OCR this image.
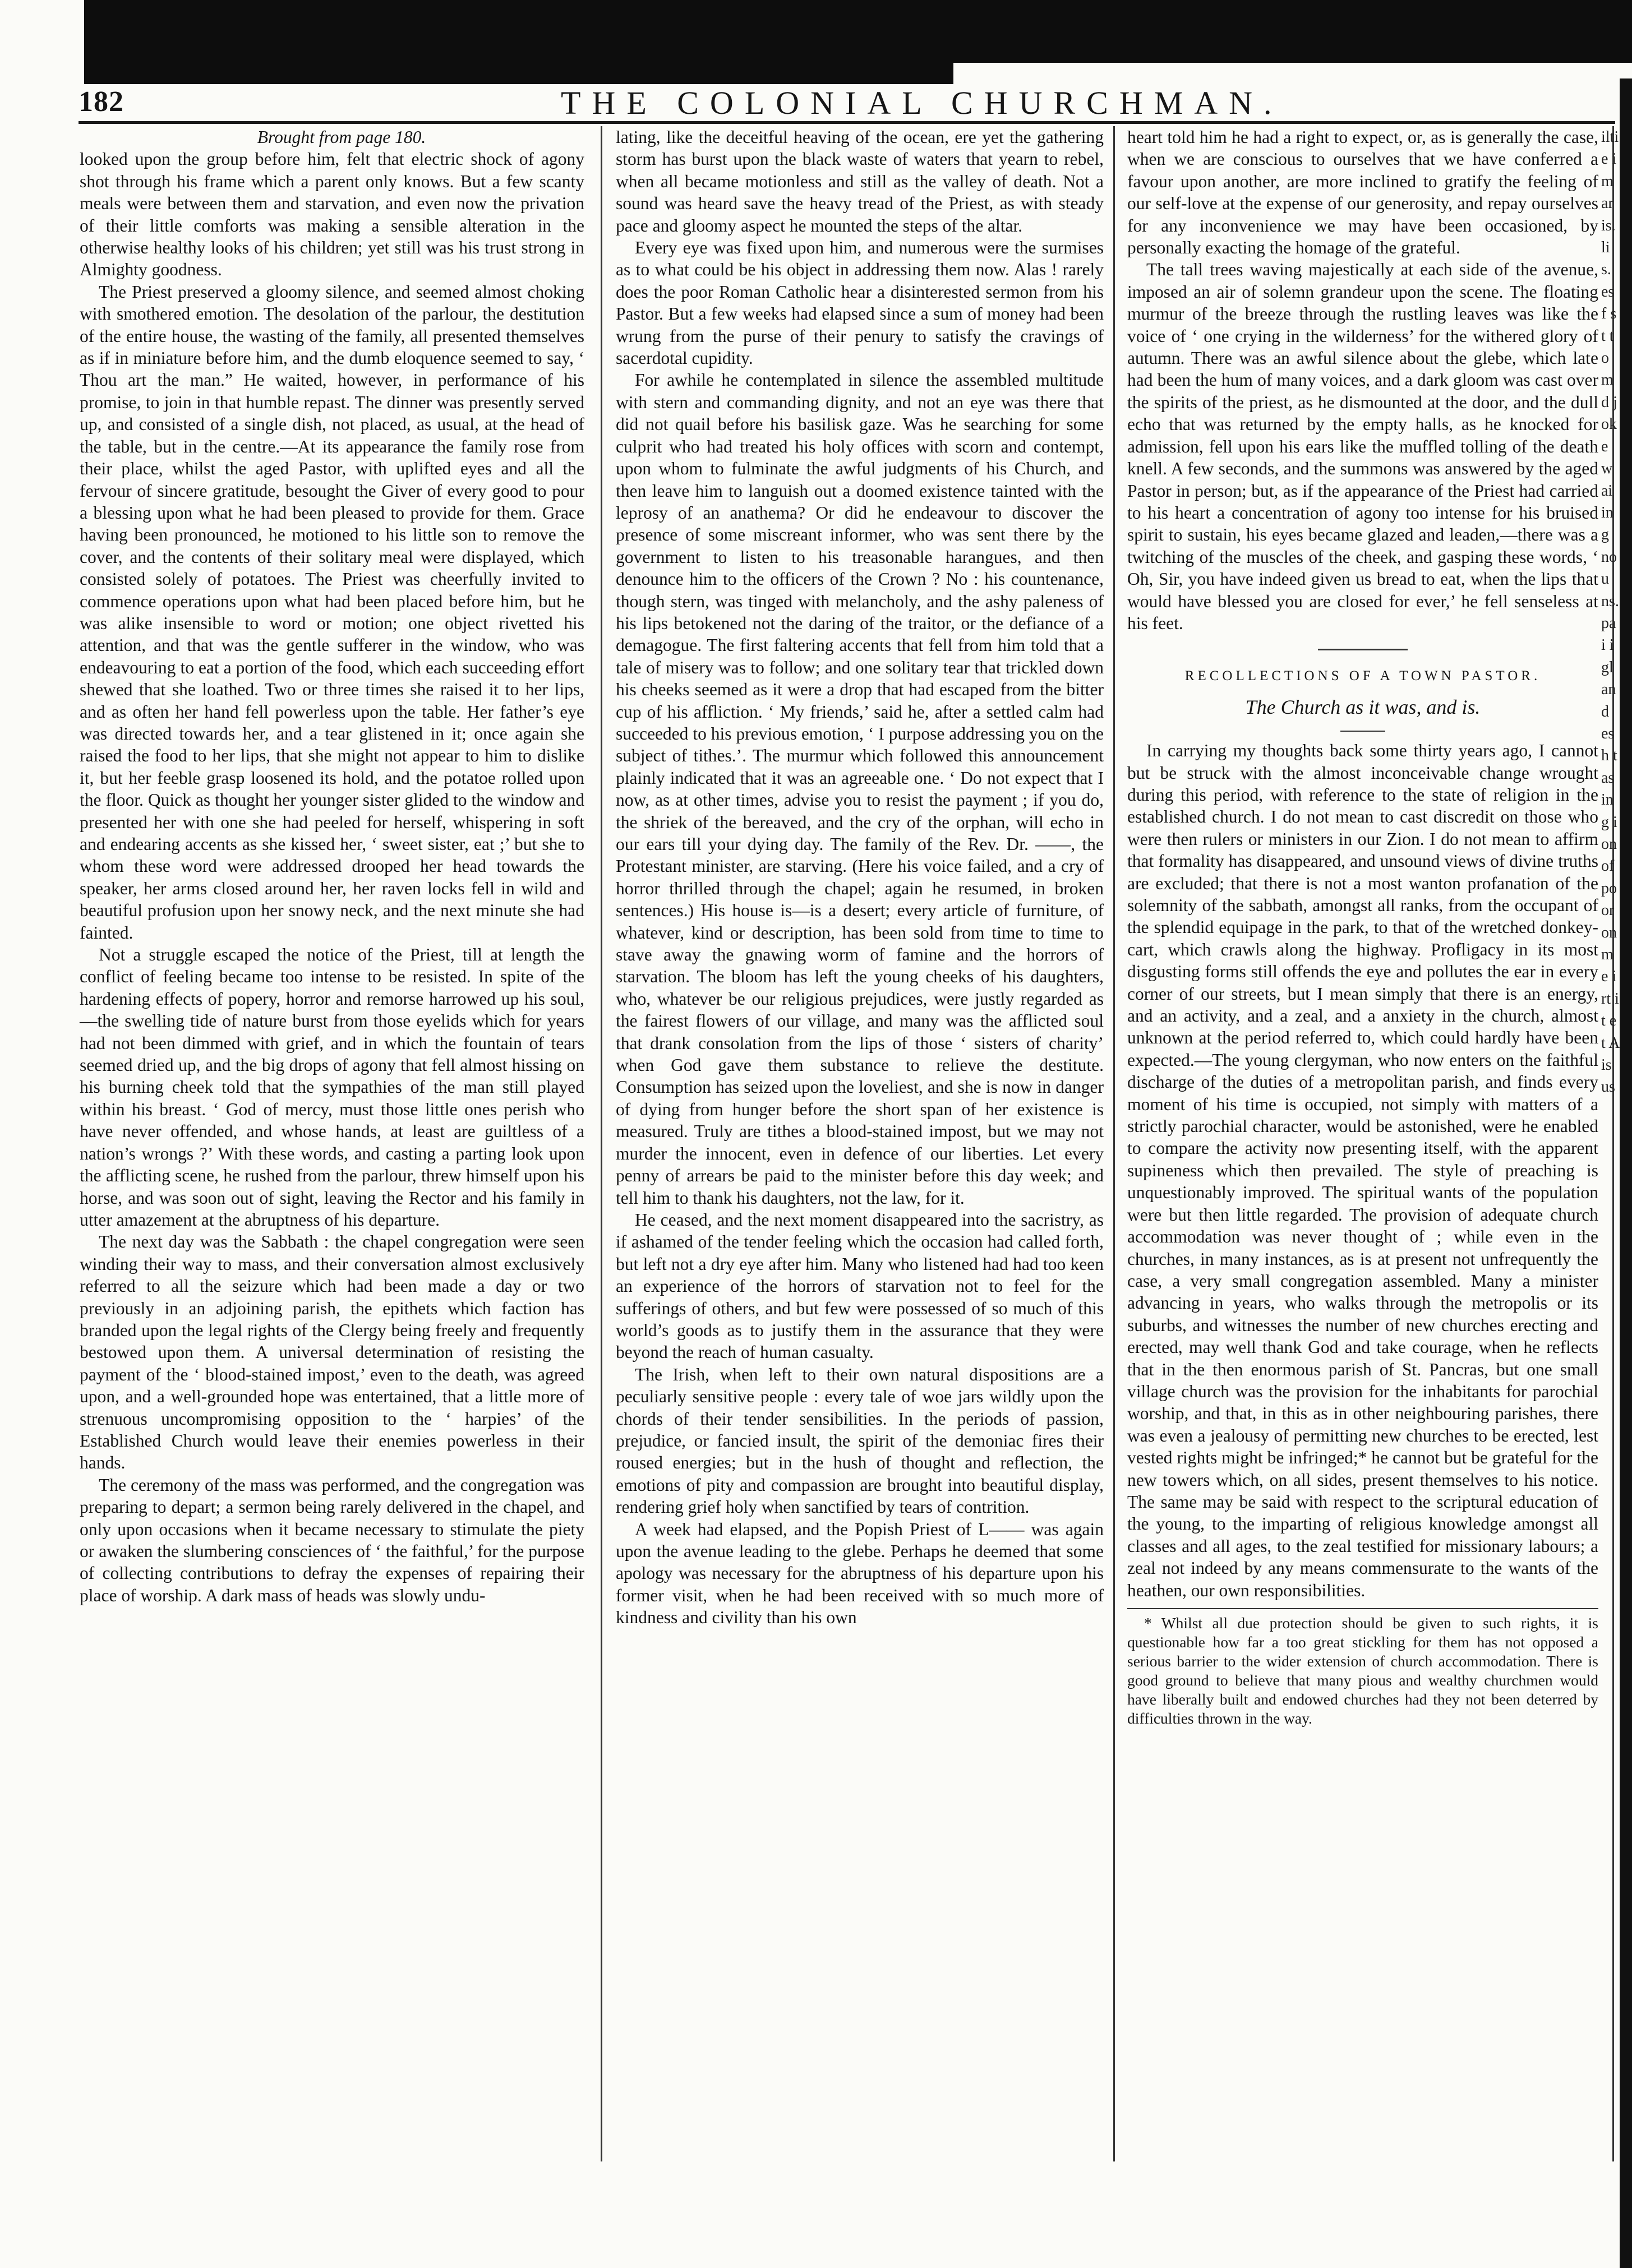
182	THE COLONIAL CHURCHMAN.

Brought from page 180.

looked upon the group before him, felt that electric shock of agony shot through his frame which a parent only knows. But a few scanty meals were between them and starvation, and even now the privation of their little comforts was making a sensible alteration in the otherwise healthy looks of his children; yet still was his trust strong in Almighty goodness.

The Priest preserved a gloomy silence, and seemed almost choking with smothered emotion. The desolation of the parlour, the destitution of the entire house, the wasting of the family, all presented themselves as if in miniature before him, and the dumb eloquence seemed to say, ‘ Thou art the man.” He waited, however, in performance of his promise, to join in that humble repast. The dinner was presently served up, and consisted of a single dish, not placed, as usual, at the head of the table, but in the centre.—At its appearance the family rose from their place, whilst the aged Pastor, with uplifted eyes and all the fervour of sincere gratitude, besought the Giver of every good to pour a blessing upon what he had been pleased to provide for them. Grace having been pronounced, he motioned to his little son to remove the cover, and the contents of their solitary meal were displayed, which consisted solely of potatoes. The Priest was cheerfully invited to commence operations upon what had been placed before him, but he was alike insensible to word or motion; one object rivetted his attention, and that was the gentle sufferer in the window, who was endeavouring to eat a portion of the food, which each succeeding effort shewed that she loathed. Two or three times she raised it to her lips, and as often her hand fell powerless upon the table. Her father’s eye was directed towards her, and a tear glistened in it; once again she raised the food to her lips, that she might not appear to him to dislike it, but her feeble grasp loosened its hold, and the potatoe rolled upon the floor. Quick as thought her younger sister glided to the window and presented her with one she had peeled for herself, whispering in soft and endearing accents as she kissed her, ‘ sweet sister, eat ;’ but she to whom these word were addressed drooped her head towards the speaker, her arms closed around her, her raven locks fell in wild and beautiful profusion upon her snowy neck, and the next minute she had fainted.

Not a struggle escaped the notice of the Priest, till at length the conflict of feeling became too intense to be resisted. In spite of the hardening effects of popery, horror and remorse harrowed up his soul,—the swelling tide of nature burst from those eyelids which for years had not been dimmed with grief, and in which the fountain of tears seemed dried up, and the big drops of agony that fell almost hissing on his burning cheek told that the sympathies of the man still played within his breast. ‘ God of mercy, must those little ones perish who have never offended, and whose hands, at least are guiltless of a nation’s wrongs ?’ With these words, and casting a parting look upon the afflicting scene, he rushed from the parlour, threw himself upon his horse, and was soon out of sight, leaving the Rector and his family in utter amazement at the abruptness of his departure.

The next day was the Sabbath : the chapel congregation were seen winding their way to mass, and their conversation almost exclusively referred to all the seizure which had been made a day or two previously in an adjoining parish, the epithets which faction has branded upon the legal rights of the Clergy being freely and frequently bestowed upon them. A universal determination of resisting the payment of the ‘ blood-stained impost,’ even to the death, was agreed upon, and a well-grounded hope was entertained, that a little more of strenuous uncompromising opposition to the ‘ harpies’ of the Established Church would leave their enemies powerless in their hands.

The ceremony of the mass was performed, and the congregation was preparing to depart; a sermon being rarely delivered in the chapel, and only upon occasions when it became necessary to stimulate the piety or awaken the slumbering consciences of ‘ the faithful,’ for the purpose of collecting contributions to defray the expenses of repairing their place of worship. A dark mass of heads was slowly undu-

lating, like the deceitful heaving of the ocean, ere yet the gathering storm has burst upon the black waste of waters that yearn to rebel, when all became motionless and still as the valley of death. Not a sound was heard save the heavy tread of the Priest, as with steady pace and gloomy aspect he mounted the steps of the altar.

Every eye was fixed upon him, and numerous were the surmises as to what could be his object in addressing them now. Alas ! rarely does the poor Roman Catholic hear a disinterested sermon from his Pastor. But a few weeks had elapsed since a sum of money had been wrung from the purse of their penury to satisfy the cravings of sacerdotal cupidity.

For awhile he contemplated in silence the assembled multitude with stern and commanding dignity, and not an eye was there that did not quail before his basilisk gaze. Was he searching for some culprit who had treated his holy offices with scorn and contempt, upon whom to fulminate the awful judgments of his Church, and then leave him to languish out a doomed existence tainted with the leprosy of an anathema? Or did he endeavour to discover the presence of some miscreant informer, who was sent there by the government to listen to his treasonable harangues, and then denounce him to the officers of the Crown ? No : his countenance, though stern, was tinged with melancholy, and the ashy paleness of his lips betokened not the daring of the traitor, or the defiance of a demagogue. The first faltering accents that fell from him told that a tale of misery was to follow; and one solitary tear that trickled down his cheeks seemed as it were a drop that had escaped from the bitter cup of his affliction. ‘ My friends,’ said he, after a settled calm had succeeded to his previous emotion, ‘ I purpose addressing you on the subject of tithes.’. The murmur which followed this announcement plainly indicated that it was an agreeable one. ‘ Do not expect that I now, as at other times, advise you to resist the payment ; if you do, the shriek of the bereaved, and the cry of the orphan, will echo in our ears till your dying day. The family of the Rev. Dr. ——, the Protestant minister, are starving. (Here his voice failed, and a cry of horror thrilled through the chapel; again he resumed, in broken sentences.) His house is—is a desert; every article of furniture, of whatever, kind or description, has been sold from time to time to stave away the gnawing worm of famine and the horrors of starvation. The bloom has left the young cheeks of his daughters, who, whatever be our religious prejudices, were justly regarded as the fairest flowers of our village, and many was the afflicted soul that drank consolation from the lips of those ‘ sisters of charity’ when God gave them substance to relieve the destitute. Consumption has seized upon the loveliest, and she is now in danger of dying from hunger before the short span of her existence is measured. Truly are tithes a blood-stained impost, but we may not murder the innocent, even in defence of our liberties. Let every penny of arrears be paid to the minister before this day week; and tell him to thank his daughters, not the law, for it.

He ceased, and the next moment disappeared into the sacristry, as if ashamed of the tender feeling which the occasion had called forth, but left not a dry eye after him. Many who listened had had too keen an experience of the horrors of starvation not to feel for the sufferings of others, and but few were possessed of so much of this world’s goods as to justify them in the assurance that they were beyond the reach of human casualty.

The Irish, when left to their own natural dispositions are a peculiarly sensitive people : every tale of woe jars wildly upon the chords of their tender sensibilities. In the periods of passion, prejudice, or fancied insult, the spirit of the demoniac fires their roused energies; but in the hush of thought and reflection, the emotions of pity and compassion are brought into beautiful display, rendering grief holy when sanctified by tears of contrition.

A week had elapsed, and the Popish Priest of L—— was again upon the avenue leading to the glebe. Perhaps he deemed that some apology was necessary for the abruptness of his departure upon his former visit, when he had been received with so much more of kindness and civility than his own

heart told him he had a right to expect, or, as is generally the case, when we are conscious to ourselves that we have conferred a favour upon another, are more inclined to gratify the feeling of our self-love at the expense of our generosity, and repay ourselves for any inconvenience we may have been occasioned, by personally exacting the homage of the grateful.

The tall trees waving majestically at each side of the avenue, imposed an air of solemn grandeur upon the scene. The floating murmur of the breeze through the rustling leaves was like the voice of ‘ one crying in the wilderness’ for the withered glory of autumn. There was an awful silence about the glebe, which late had been the hum of many voices, and a dark gloom was cast over the spirits of the priest, as he dismounted at the door, and the dull echo that was returned by the empty halls, as he knocked for admission, fell upon his ears like the muffled tolling of the death knell. A few seconds, and the summons was answered by the aged Pastor in person; but, as if the appearance of the Priest had carried to his heart a concentration of agony too intense for his bruised spirit to sustain, his eyes became glazed and leaden,—there was a twitching of the muscles of the cheek, and gasping these words, ‘ Oh, Sir, you have indeed given us bread to eat, when the lips that would have blessed you are closed for ever,’ he fell senseless at his feet.

RECOLLECTIONS OF A TOWN PASTOR.
The Church as it was, and is.

In carrying my thoughts back some thirty years ago, I cannot but be struck with the almost inconceivable change wrought during this period, with reference to the state of religion in the established church. I do not mean to cast discredit on those who were then rulers or ministers in our Zion. I do not mean to affirm that formality has disappeared, and unsound views of divine truths are excluded; that there is not a most wanton profanation of the solemnity of the sabbath, amongst all ranks, from the occupant of the splendid equipage in the park, to that of the wretched donkey-cart, which crawls along the highway. Profligacy in its most disgusting forms still offends the eye and pollutes the ear in every corner of our streets, but I mean simply that there is an energy, and an activity, and a zeal, and a anxiety in the church, almost unknown at the period referred to, which could hardly have been expected.—The young clergyman, who now enters on the faithful discharge of the duties of a metropolitan parish, and finds every moment of his time is occupied, not simply with matters of a strictly parochial character, would be astonished, were he enabled to compare the activity now presenting itself, with the apparent supineness which then prevailed. The style of preaching is unquestionably improved. The spiritual wants of the population were but then little regarded. The provision of adequate church accommodation was never thought of ; while even in the churches, in many instances, as is at present not unfrequently the case, a very small congregation assembled. Many a minister advancing in years, who walks through the metropolis or its suburbs, and witnesses the number of new churches erecting and erected, may well thank God and take courage, when he reflects that in the then enormous parish of St. Pancras, but one small village church was the provision for the inhabitants for parochial worship, and that, in this as in other neighbouring parishes, there was even a jealousy of permitting new churches to be erected, lest vested rights might be infringed;* he cannot but be grateful for the new towers which, on all sides, present themselves to his notice. The same may be said with respect to the scriptural education of the young, to the imparting of religious knowledge amongst all classes and all ages, to the zeal testified for missionary labours; a zeal not indeed by any means commensurate to the wants of the heathen, our own responsibilities.

* Whilst all due protection should be given to such rights, it is questionable how far a too great stickling for them has not opposed a serious barrier to the wider extension of church accommodation. There is good ground to believe that many pious and wealthy churchmen would have liberally built and endowed churches had they not been deterred by difficulties thrown in the way.

iltie imar is. lis. esf st t om d j oke wai ing nou ns. pai igl an d esh tas ing ion of po or on me irt it et A is us
